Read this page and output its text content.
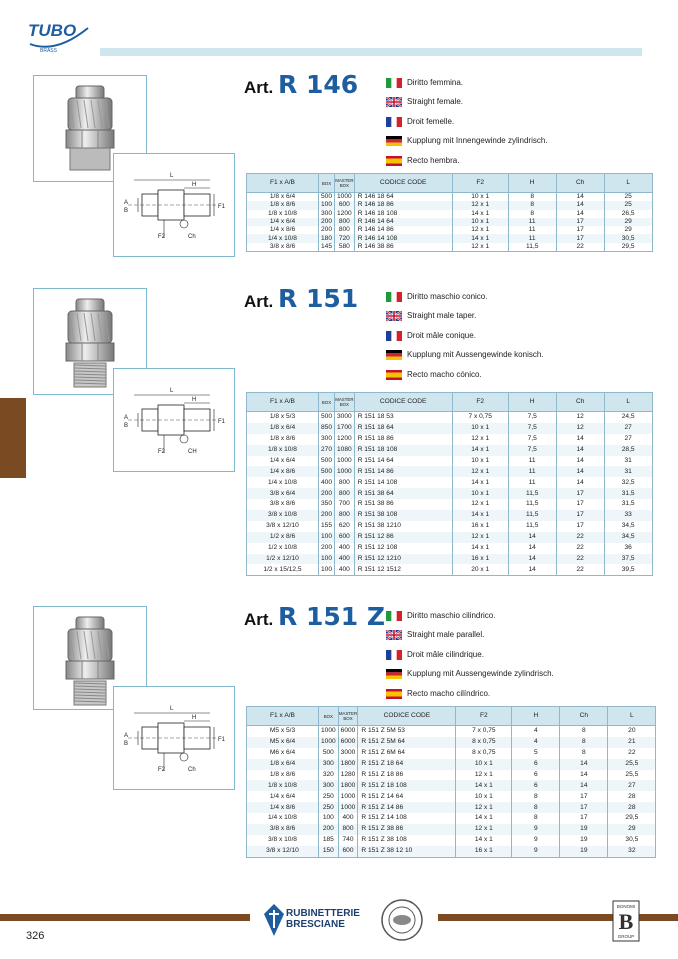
TUBO
BRASS
L
H
A
B
F1
F2	Ch
Art. R 146	Diritto femmina.
Straight female.
Droit femelle.
Kupplung mit Innengewinde zylindrisch.
Recto hembra.
F1 x A/B	BOX	MASTER BOX	CODICE CODE	F2	H	Ch	L
1/8 x 6/4	500	1000	R 146 18 64	10 x 1	8	14	25
1/8 x 8/6	100	600	R 146 18 86	12 x 1	8	14	25
1/8 x 10/8	300	1200	R 146 18 108	14 x 1	8	14	26,5
1/4 x 6/4	200	800	R 146 14 64	10 x 1	11	17	29
1/4 x 8/6	200	800	R 146 14 86	12 x 1	11	17	29
1/4 x 10/8	180	720	R 146 14 108	14 x 1	11	17	30,5
3/8 x 8/6	145	580	R 146 38 86	12 x 1	11,5	22	29,5
L
H
A
B
F1
F2	CH
Art. R 151	Diritto maschio conico.
Straight male taper.
Droit mâle conique.
Kupplung mit Aussengewinde konisch.
Recto macho cónico.
F1 x A/B	BOX	MASTER BOX	CODICE CODE	F2	H	Ch	L
1/8 x 5/3	500	3000	R 151 18 53	7 x 0,75	7,5	12	24,5
1/8 x 6/4	850	1700	R 151 18 64	10 x 1	7,5	12	27
1/8 x 8/6	300	1200	R 151 18 86	12 x 1	7,5	14	27
1/8 x 10/8	270	1080	R 151 18 108	14 x 1	7,5	14	28,5
1/4 x 6/4	500	1000	R 151 14 64	10 x 1	11	14	31
1/4 x 8/6	500	1000	R 151 14 86	12 x 1	11	14	31
1/4 x 10/8	400	800	R 151 14 108	14 x 1	11	14	32,5
3/8 x 6/4	200	800	R 151 38 64	10 x 1	11,5	17	31,5
3/8 x 8/6	350	700	R 151 38 86	12 x 1	11,5	17	31,5
3/8 x 10/8	200	800	R 151 38 108	14 x 1	11,5	17	33
3/8 x 12/10	155	620	R 151 38 1210	16 x 1	11,5	17	34,5
1/2 x 8/6	100	600	R 151 12 86	12 x 1	14	22	34,5
1/2 x 10/8	200	400	R 151 12 108	14 x 1	14	22	36
1/2 x 12/10	100	400	R 151 12 1210	16 x 1	14	22	37,5
1/2 x 15/12,5	100	400	R 151 12 1512	20 x 1	14	22	39,5
L
H
A
B
F1
F2	Ch
Art. R 151 Z	Diritto maschio cilindrico.
Straight male parallel.
Droit mâle cilindrique.
Kupplung mit Aussengewinde zylindrisch.
Recto macho cilíndrico.
F1 x A/B	BOX	MASTER BOX	CODICE CODE	F2	H	Ch	L
M5 x 5/3	1000	6000	R 151 Z 5M 53	7 x 0,75	4	8	20
M5 x 6/4	1000	6000	R 151 Z 5M 64	8 x 0,75	4	8	21
M6 x 6/4	500	3000	R 151 Z 6M 64	8 x 0,75	5	8	22
1/8 x 6/4	300	1800	R 151 Z 18 64	10 x 1	6	14	25,5
1/8 x 8/6	320	1280	R 151 Z 18 86	12 x 1	6	14	25,5
1/8 x 10/8	300	1800	R 151 Z 18 108	14 x 1	6	14	27
1/4 x 6/4	250	1000	R 151 Z 14 64	10 x 1	8	17	28
1/4 x 8/6	250	1000	R 151 Z 14 86	12 x 1	8	17	28
1/4 x 10/8	100	400	R 151 Z 14 108	14 x 1	8	17	29,5
3/8 x 8/6	200	800	R 151 Z 38 86	12 x 1	9	19	29
3/8 x 10/8	185	740	R 151 Z 38 108	14 x 1	9	19	30,5
3/8 x 12/10	150	600	R 151 Z 38 12 10	16 x 1	9	19	32
326
RUBINETTERIE
BRESCIANE
BONOMI
B
GROUP
